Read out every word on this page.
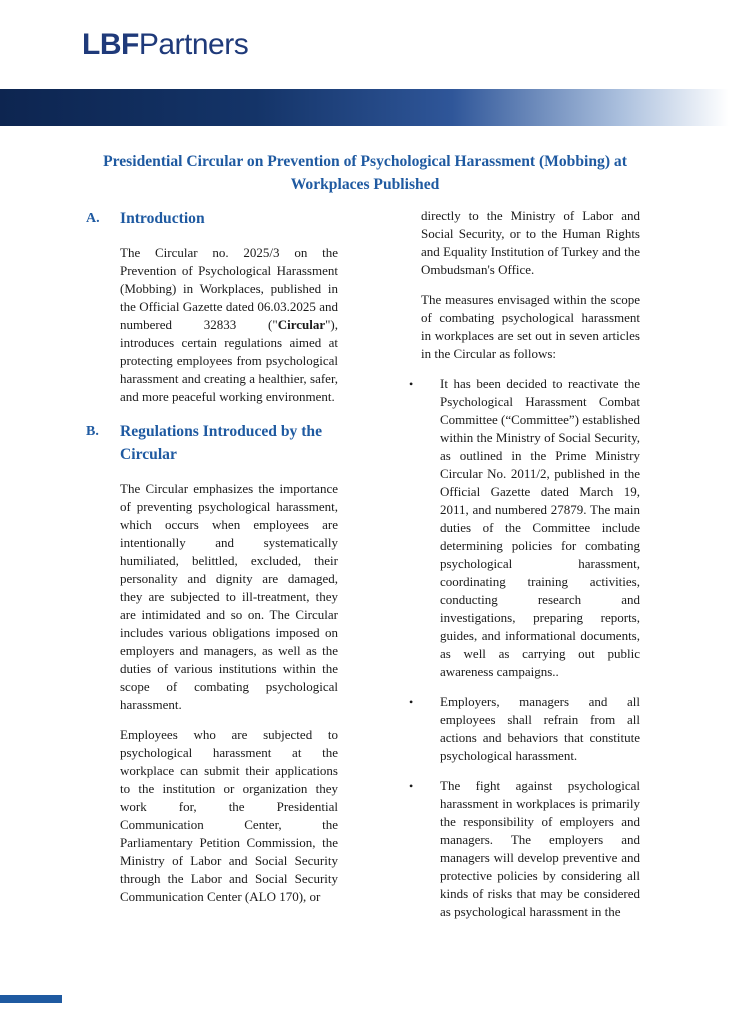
LBFPartners
Presidential Circular on Prevention of Psychological Harassment (Mobbing) at Workplaces Published
A.	Introduction

The Circular no. 2025/3 on the Prevention of Psychological Harassment (Mobbing) in Workplaces, published in the Official Gazette dated 06.03.2025 and numbered 32833 ("Circular"), introduces certain regulations aimed at protecting employees from psychological harassment and creating a healthier, safer, and more peaceful working environment.

B.	Regulations Introduced by the Circular

The Circular emphasizes the importance of preventing psychological harassment, which occurs when employees are intentionally and systematically humiliated, belittled, excluded, their personality and dignity are damaged, they are subjected to ill-treatment, they are intimidated and so on. The Circular includes various obligations imposed on employers and managers, as well as the duties of various institutions within the scope of combating psychological harassment.

Employees who are subjected to psychological harassment at the workplace can submit their applications to the institution or organization they work for, the Presidential Communication Center, the Parliamentary Petition Commission, the Ministry of Labor and Social Security through the Labor and Social Security Communication Center (ALO 170), or

directly to the Ministry of Labor and Social Security, or to the Human Rights and Equality Institution of Turkey and the Ombudsman's Office.

The measures envisaged within the scope of combating psychological harassment in workplaces are set out in seven articles in the Circular as follows:

• It has been decided to reactivate the Psychological Harassment Combat Committee (“Committee”) established within the Ministry of Social Security, as outlined in the Prime Ministry Circular No. 2011/2, published in the Official Gazette dated March 19, 2011, and numbered 27879. The main duties of the Committee include determining policies for combating psychological harassment, coordinating training activities, conducting research and investigations, preparing reports, guides, and informational documents, as well as carrying out public awareness campaigns..
• Employers, managers and all employees shall refrain from all actions and behaviors that constitute psychological harassment.
• The fight against psychological harassment in workplaces is primarily the responsibility of employers and managers. The employers and managers will develop preventive and protective policies by considering all kinds of risks that may be considered as psychological harassment in the
